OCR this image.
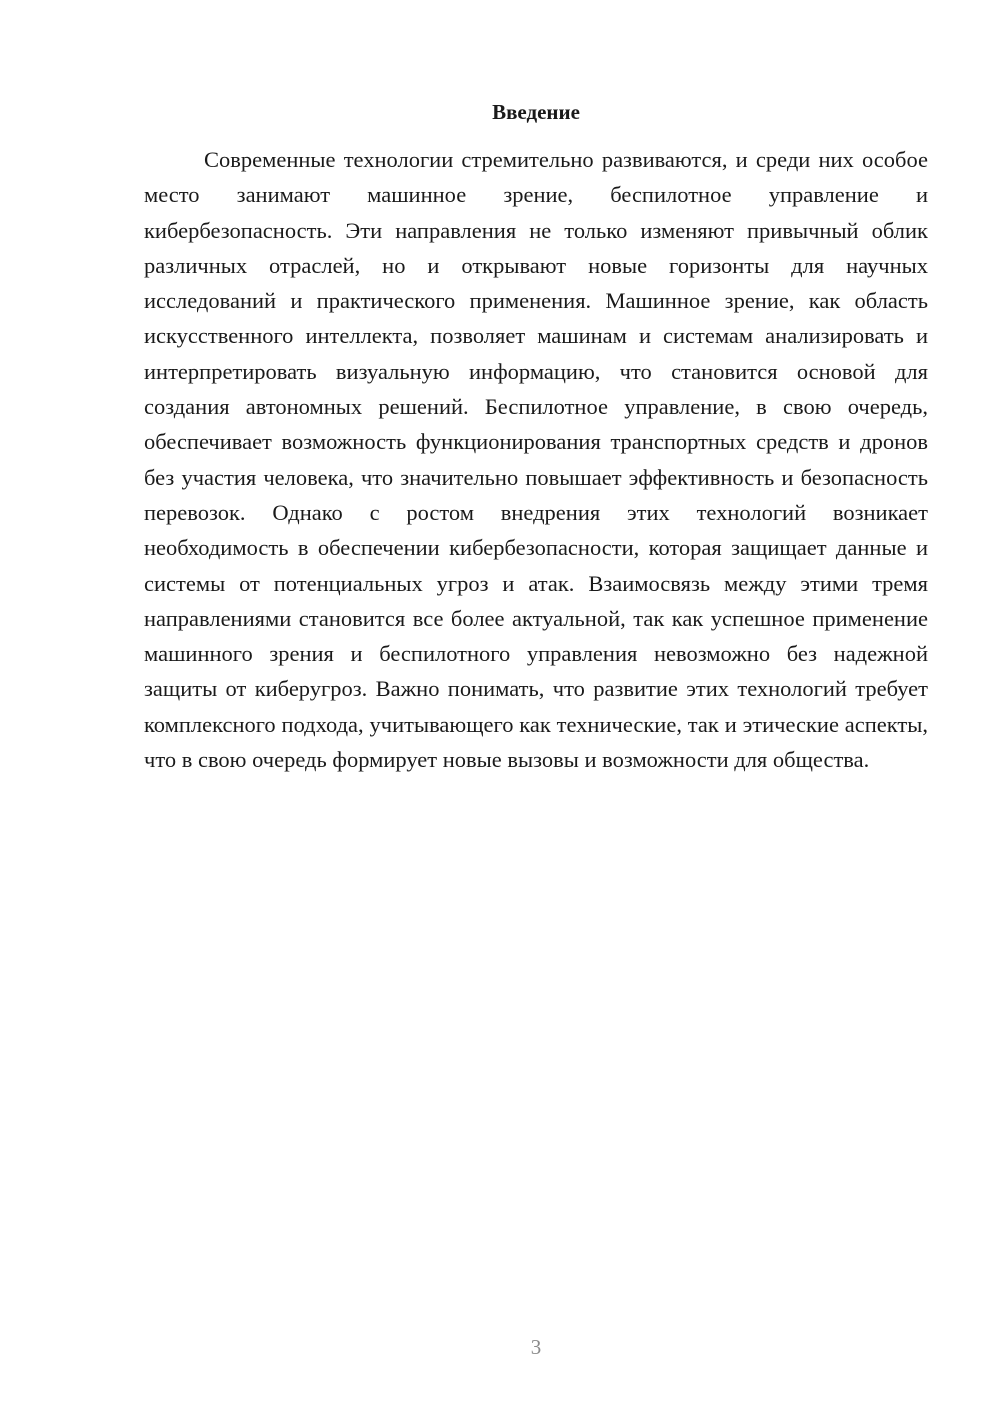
Введение

Современные технологии стремительно развиваются, и среди них особое место занимают машинное зрение, беспилотное управление и кибербезопасность. Эти направления не только изменяют привычный облик различных отраслей, но и открывают новые горизонты для научных исследований и практического применения. Машинное зрение, как область искусственного интеллекта, позволяет машинам и системам анализировать и интерпретировать визуальную информацию, что становится основой для создания автономных решений. Беспилотное управление, в свою очередь, обеспечивает возможность функционирования транспортных средств и дронов без участия человека, что значительно повышает эффективность и безопасность перевозок. Однако с ростом внедрения этих технологий возникает необходимость в обеспечении кибербезопасности, которая защищает данные и системы от потенциальных угроз и атак. Взаимосвязь между этими тремя направлениями становится все более актуальной, так как успешное применение машинного зрения и беспилотного управления невозможно без надежной защиты от киберугроз. Важно понимать, что развитие этих технологий требует комплексного подхода, учитывающего как технические, так и этические аспекты, что в свою очередь формирует новые вызовы и возможности для общества.

3
